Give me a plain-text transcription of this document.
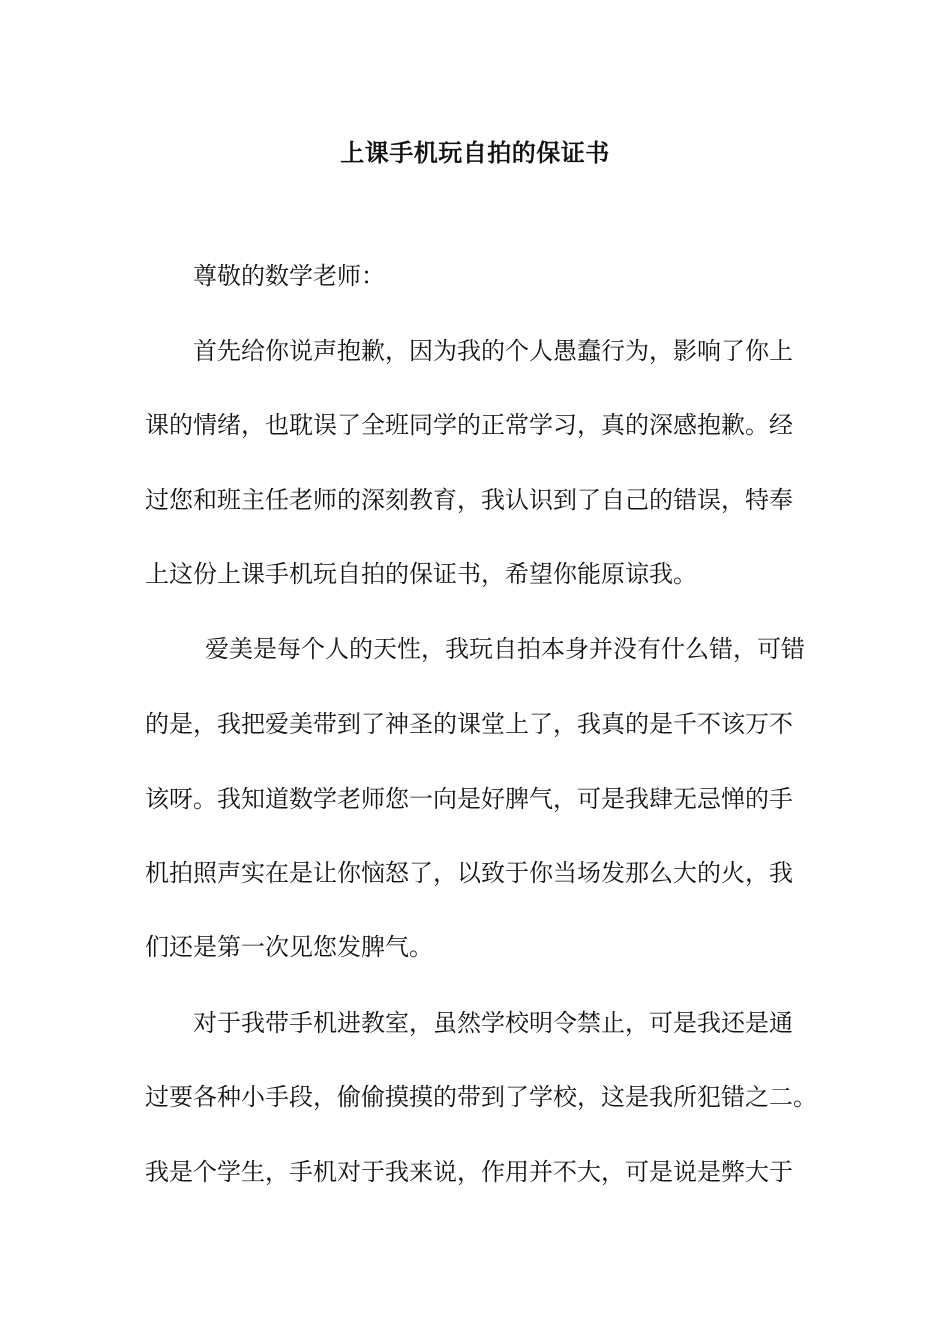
上课手机玩自拍的保证书
尊敬的数学老师：
首先给你说声抱歉，因为我的个人愚蠢行为，影响了你上
课的情绪，也耽误了全班同学的正常学习，真的深感抱歉。经
过您和班主任老师的深刻教育，我认识到了自己的错误，特奉
上这份上课手机玩自拍的保证书，希望你能原谅我。
爱美是每个人的天性，我玩自拍本身并没有什么错，可错
的是，我把爱美带到了神圣的课堂上了，我真的是千不该万不
该呀。我知道数学老师您一向是好脾气，可是我肆无忌惮的手
机拍照声实在是让你恼怒了，以致于你当场发那么大的火，我
们还是第一次见您发脾气。
对于我带手机进教室，虽然学校明令禁止，可是我还是通
过要各种小手段，偷偷摸摸的带到了学校，这是我所犯错之二。
我是个学生，手机对于我来说，作用并不大，可是说是弊大于
